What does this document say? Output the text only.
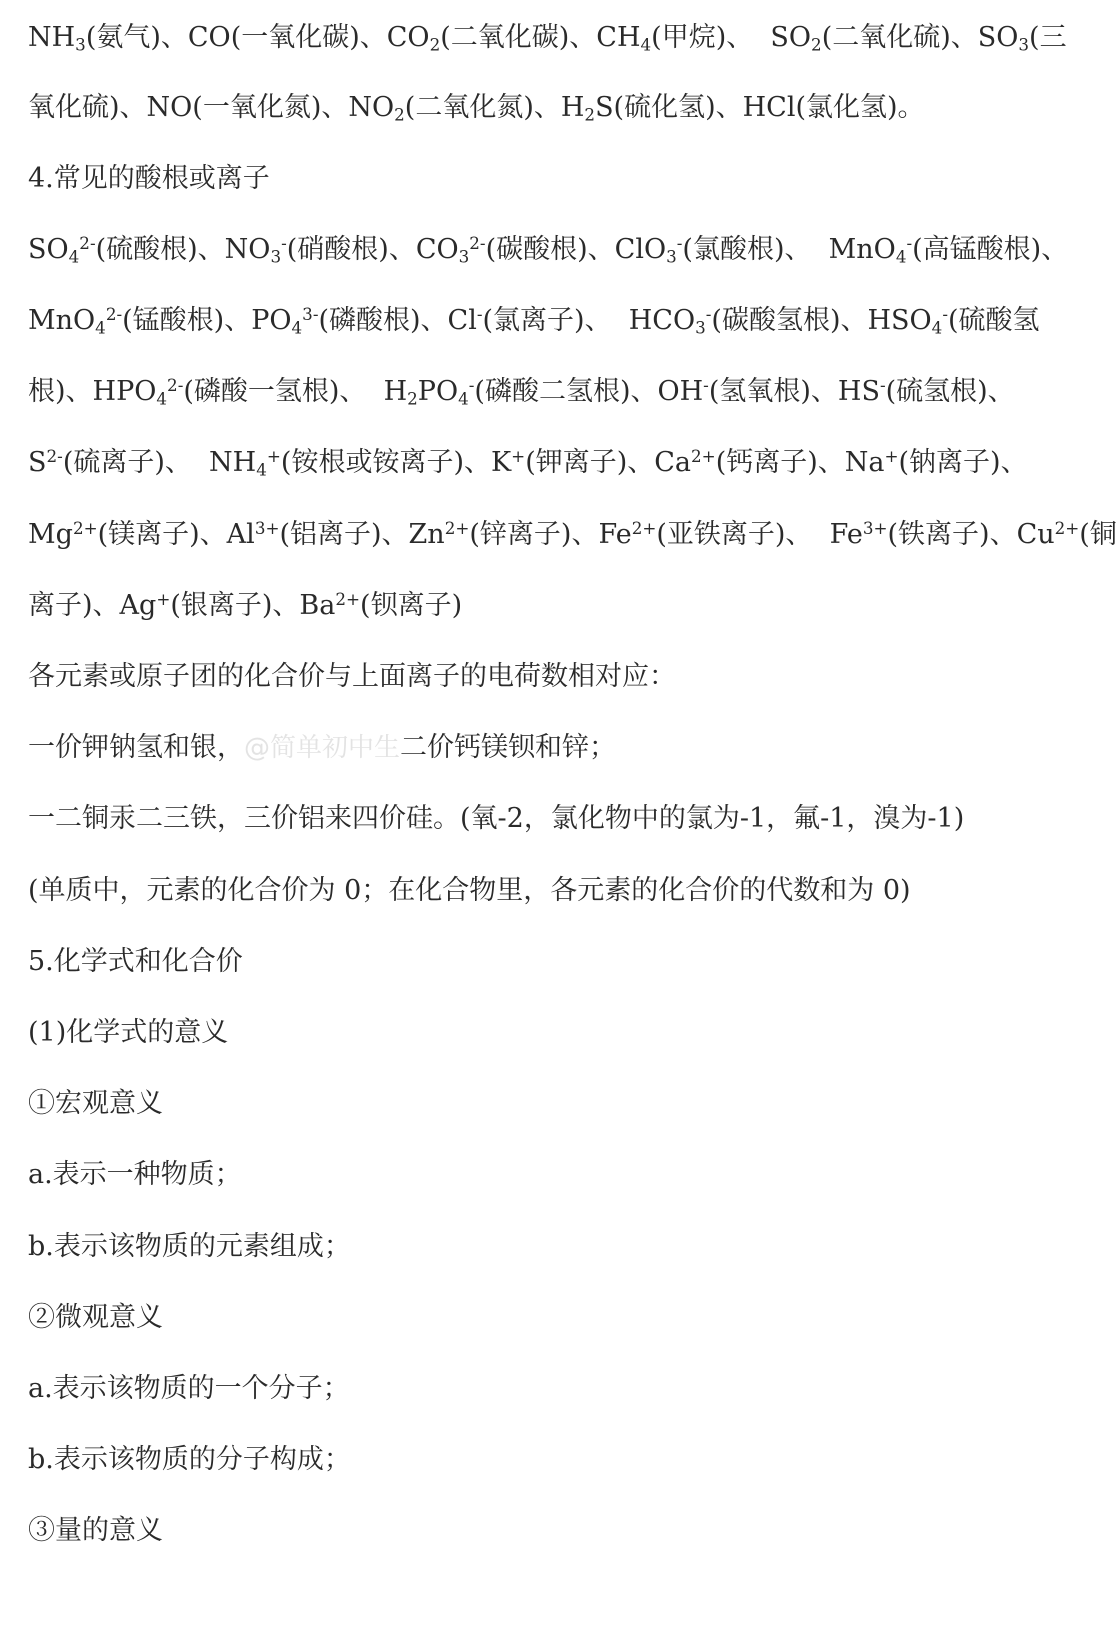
$NH_3$(氨气)、CO(一氧化碳)、$CO_2$(二氧化碳)、$CH_4$(甲烷)、  $SO_2$(二氧化硫)、$SO_3$(三
氧化硫)、NO(一氧化氮)、$NO_2$(二氧化氮)、$H_2S$(硫化氢)、HCl(氯化氢)。
4.常见的酸根或离子
$SO_4^{2-}$(硫酸根)、$NO_3^-$(硝酸根)、$CO_3^{2-}$(碳酸根)、ClO$_3$-(氯酸根)、  MnO$_4$-(高锰酸根)、
MnO$_4^{2-}$(锰酸根)、$PO_4^{3-}$(磷酸根)、Cl-(氯离子)、  $HCO_3^-$(碳酸氢根)、$HSO_4^-$(硫酸氢
根)、$HPO_4^{2-}$(磷酸一氢根)、  $H_2PO_4^-$(磷酸二氢根)、OH-(氢氧根)、HS-(硫氢根)、
$S^{2-}$(硫离子)、  $NH_4^+$(铵根或铵离子)、K+(钾离子)、$Ca^{2+}$(钙离子)、Na+(钠离子)、
$Mg^{2+}$(镁离子)、$Al^{3+}$(铝离子)、$Zn^{2+}$(锌离子)、$Fe^{2+}$(亚铁离子)、  $Fe^{3+}$(铁离子)、$Cu^{2+}$(铜
离子)、Ag+(银离子)、$Ba^{2+}$(钡离子)
各元素或原子团的化合价与上面离子的电荷数相对应：
一价钾钠氢和银，@简单初中生二价钙镁钡和锌；
一二铜汞二三铁，三价铝来四价硅。(氧-2，氯化物中的氯为-1，氟-1，溴为-1)
(单质中，元素的化合价为 0；在化合物里，各元素的化合价的代数和为 0)
5.化学式和化合价
(1)化学式的意义
①宏观意义
a.表示一种物质；
b.表示该物质的元素组成；
②微观意义
a.表示该物质的一个分子；
b.表示该物质的分子构成；
③量的意义
